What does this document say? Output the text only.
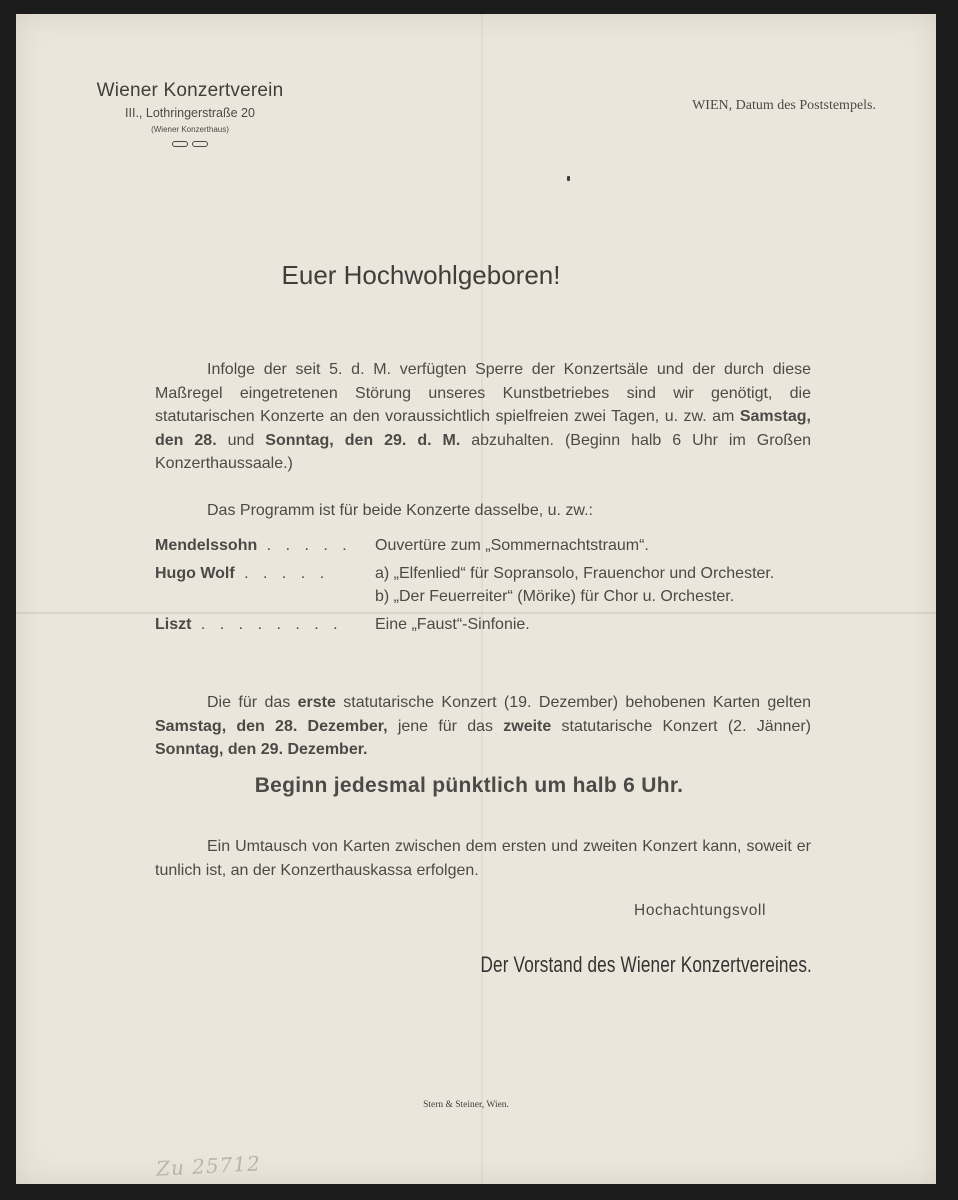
Wiener Konzertverein
III., Lothringerstraße 20
(Wiener Konzerthaus)
WIEN, Datum des Poststempels.
Euer Hochwohlgeboren!
Infolge der seit 5. d. M. verfügten Sperre der Konzertsäle und der durch diese Maßregel eingetretenen Störung unseres Kunstbetriebes sind wir genötigt, die statutarischen Konzerte an den voraussichtlich spielfreien zwei Tagen, u. zw. am Samstag, den 28. und Sonntag, den 29. d. M. abzuhalten. (Beginn halb 6 Uhr im Großen Konzerthaussaale.)
Das Programm ist für beide Konzerte dasselbe, u. zw.:
Mendelssohn . . . . .	Ouvertüre zum „Sommernachtstraum“.
Hugo Wolf . . . . .	a) „Elfenlied“ für Sopransolo, Frauenchor und Orchester.
b) „Der Feuerreiter“ (Mörike) für Chor u. Orchester.
Liszt . . . . . . . .	Eine „Faust“-Sinfonie.
Die für das erste statutarische Konzert (19. Dezember) behobenen Karten gelten Samstag, den 28. Dezember, jene für das zweite statutarische Konzert (2. Jänner) Sonntag, den 29. Dezember.
Beginn jedesmal pünktlich um halb 6 Uhr.
Ein Umtausch von Karten zwischen dem ersten und zweiten Konzert kann, soweit er tunlich ist, an der Konzerthauskassa erfolgen.
Hochachtungsvoll
Der Vorstand des Wiener Konzertvereines.
Stern & Steiner, Wien.
Zu 25712
